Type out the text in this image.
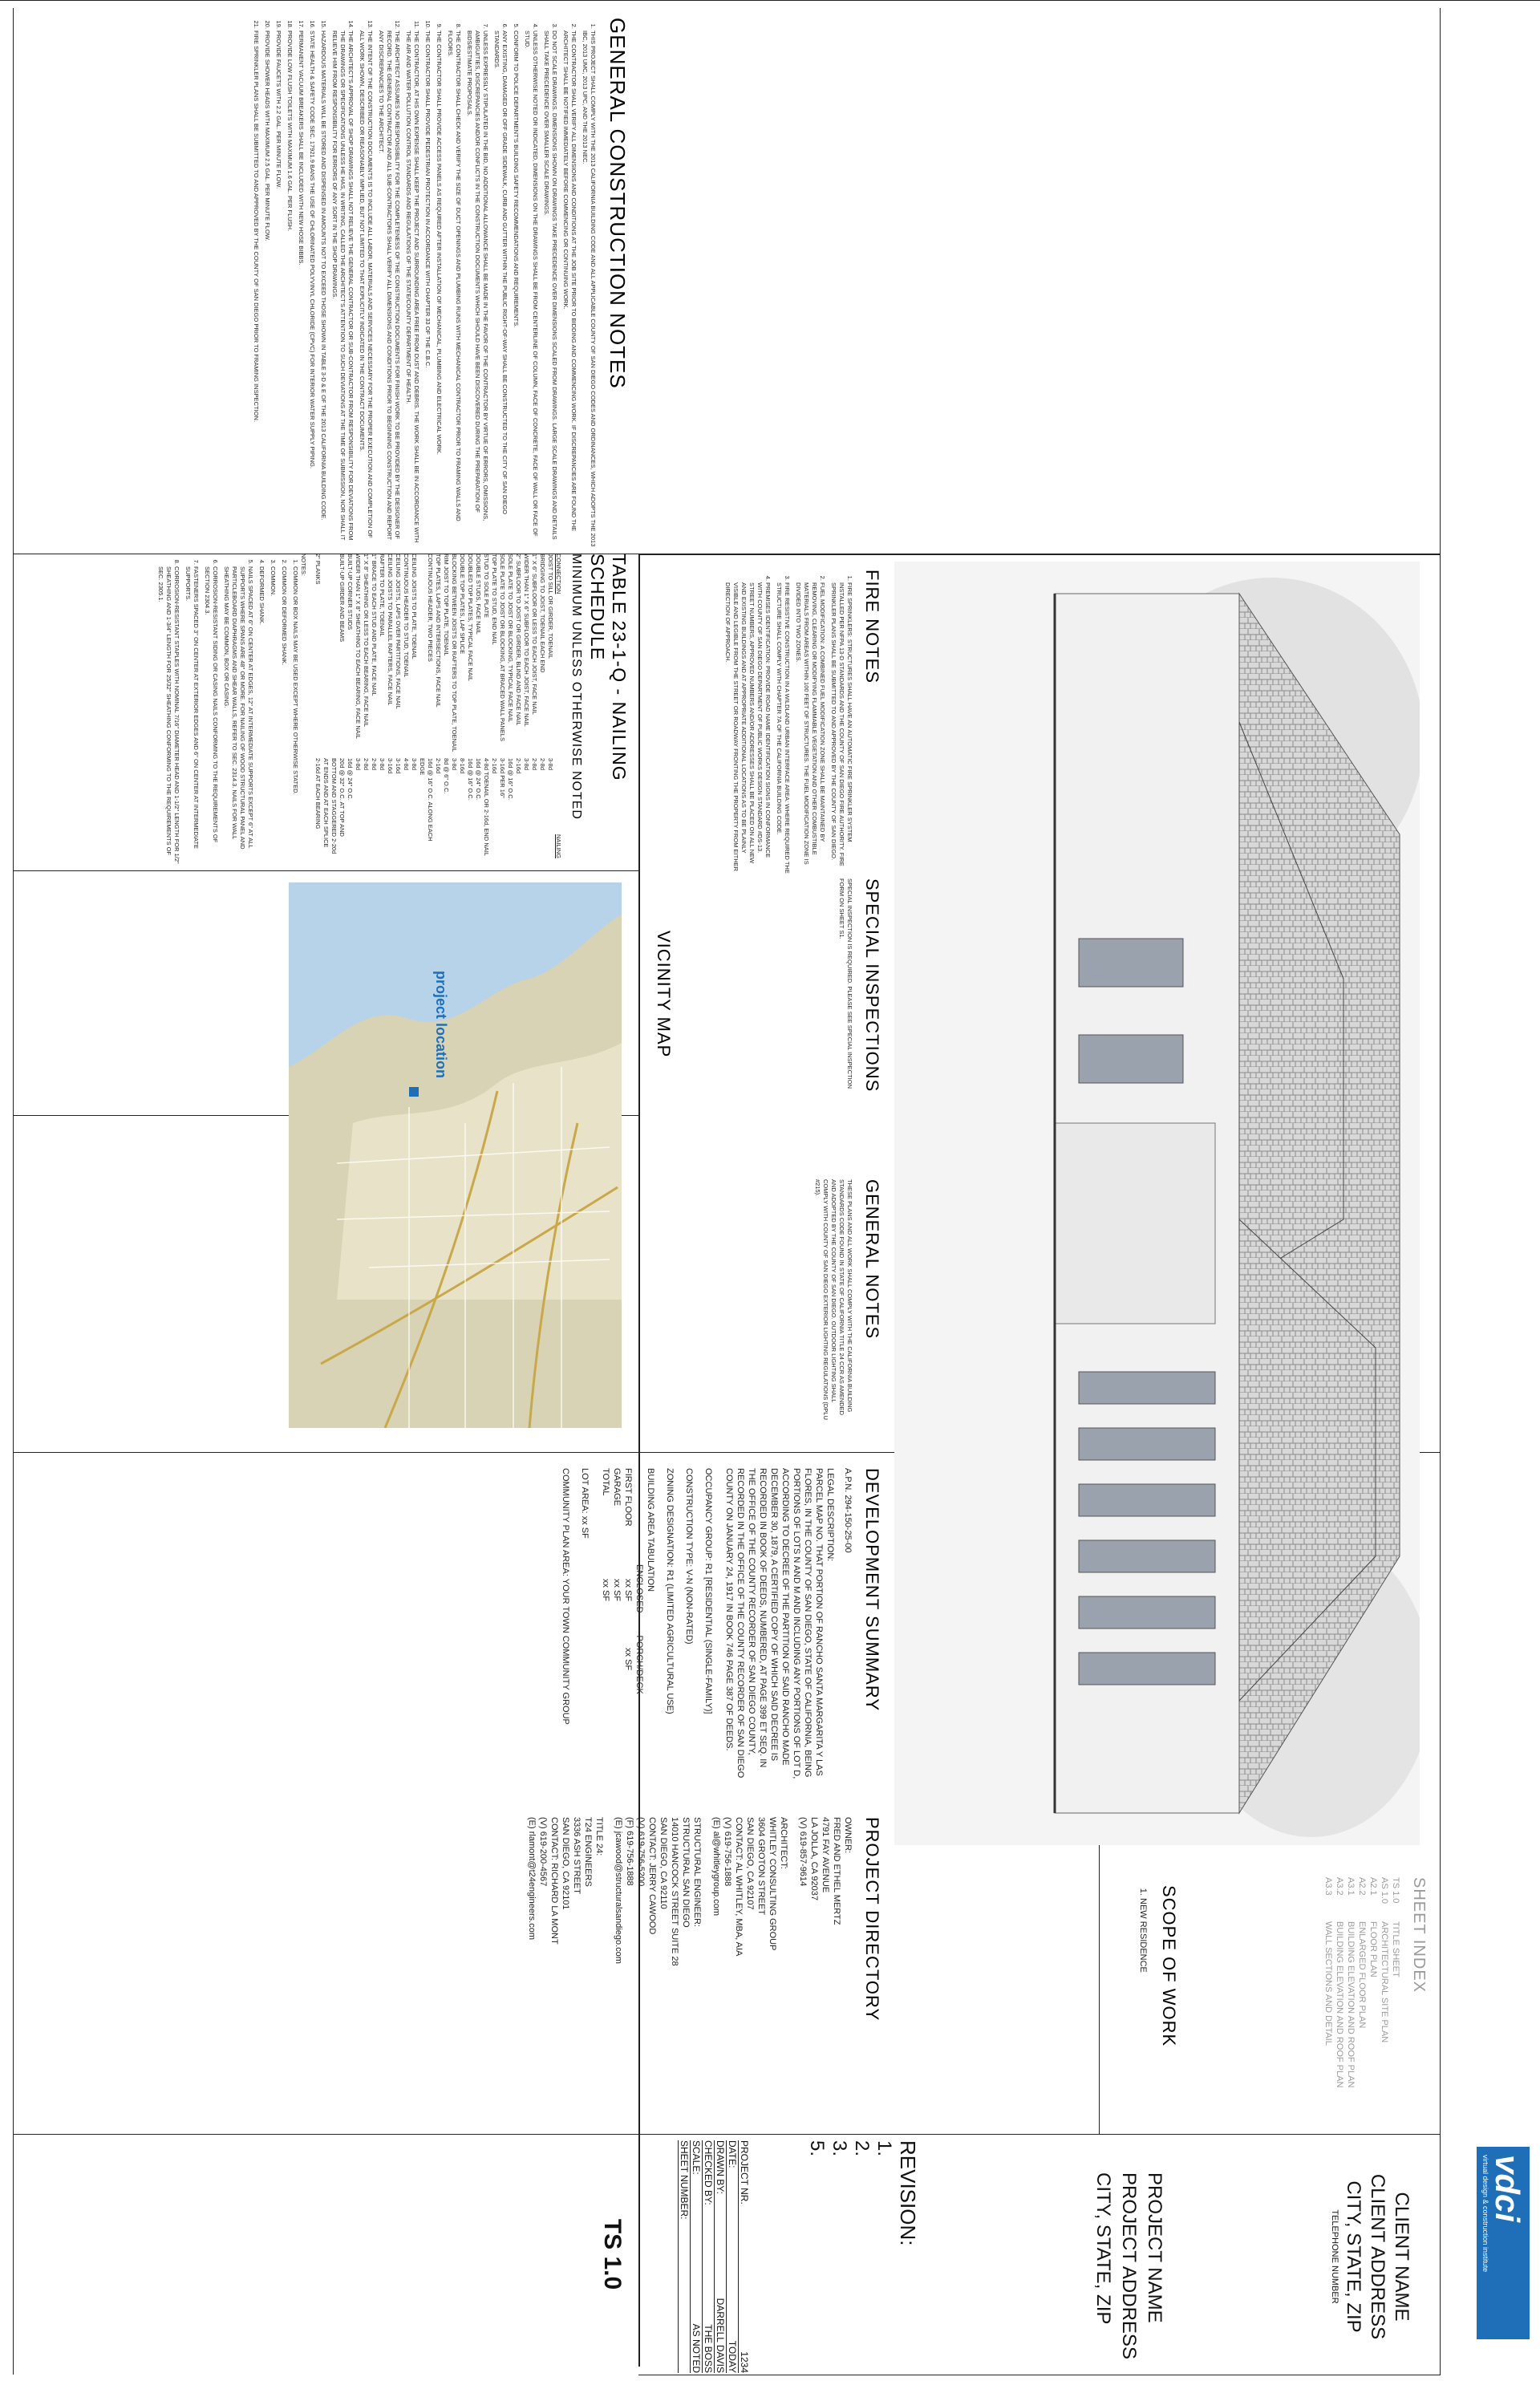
GENERAL CONSTRUCTION NOTES
1. THIS PROJECT SHALL COMPLY WITH THE 2013 CALIFORNIA BUILDING CODE AND ALL APPLICABLE COUNTY OF SAN DIEGO CODES AND ORDINANCES, WHICH ADOPTS THE 2013 IBC, 2013 UMC, 2013 UPC, AND THE 2013 NEC.
2. THE CONTRACTOR SHALL VERIFY ALL DIMENSIONS AND CONDITIONS AT THE JOB SITE PRIOR TO BIDDING AND COMMENCING WORK. IF DISCREPANCIES ARE FOUND THE ARCHITECT SHALL BE NOTIFIED IMMEDIATELY BEFORE COMMENCING OR CONTINUING WORK.
3. DO NOT SCALE DRAWINGS. DIMENSIONS SHOWN ON DRAWINGS TAKE PRECEDENCE OVER DIMENSIONS SCALED FROM DRAWINGS. LARGE SCALE DRAWINGS AND DETAILS SHALL TAKE PRECEDENCE OVER SMALLER SCALE DRAWINGS.
4. UNLESS OTHERWISE NOTED OR INDICATED, DIMENSIONS ON THE DRAWINGS SHALL BE FROM CENTERLINE OF COLUMN, FACE OF CONCRETE, FACE OF WALL OR FACE OF STUD.
5. CONFORM TO POLICE DEPARTMENT'S BUILDING SAFETY RECOMMENDATIONS AND REQUIREMENTS.
6. ANY EXISTING, DAMAGED OR OFF GRADE SIDEWALK, CURB AND GUTTER WITHIN THE PUBLIC RIGHT-OF-WAY SHALL BE CONSTRUCTED TO THE CITY OF SAN DIEGO STANDARDS.
7. UNLESS EXPRESSLY STIPULATED IN THE BID, NO ADDITIONAL ALLOWANCE SHALL BE MADE IN THE FAVOR OF THE CONTRACTOR BY VIRTUE OF ERRORS, OMISSIONS, AMBIGUITIES, DISCREPANCIES AND/OR CONFLICTS IN THE CONSTRUCTION DOCUMENTS WHICH SHOULD HAVE BEEN DISCOVERED DURING THE PREPARATION OF BIDS/ESTIMATE PROPOSALS.
8. THE CONTRACTOR SHALL CHECK AND VERIFY THE SIZE OF DUCT OPENINGS AND PLUMBING RUNS WITH MECHANICAL CONTRACTOR PRIOR TO FRAMING WALLS AND FLOORS.
9. THE CONTRACTOR SHALL PROVIDE ACCESS PANELS AS REQUIRED AFTER INSTALLATION OF MECHANICAL, PLUMBING AND ELECTRICAL WORK.
10. THE CONTRACTOR SHALL PROVIDE PEDESTRIAN PROTECTION IN ACCORDANCE WITH CHAPTER 33 OF THE C.B.C.
11. THE CONTRACTOR, AT HIS OWN EXPENSE SHALL KEEP THE PROJECT AND SURROUNDING AREA FREE FROM DUST AND DEBRIS. THE WORK SHALL BE IN ACCORDANCE WITH THE AIR AND WATER POLLUTION CONTROL STANDARDS AND REGULATIONS OF THE STATE/COUNTY DEPARTMENT OF HEALTH.
12. THE ARCHITECT ASSUMES NO RESPONSIBILITY FOR THE COMPLETENESS OF THE CONSTRUCTION DOCUMENTS FOR FINISH WORK TO BE PROVIDED BY THE DESIGNER OF RECORD. THE GENERAL CONTRACTOR AND ALL SUB-CONTRACTORS SHALL VERIFY ALL DIMENSIONS AND CONDITIONS PRIOR TO BEGINNING CONSTRUCTION AND REPORT ANY DISCREPANCIES TO THE ARCHITECT.
13. THE INTENT OF THE CONSTRUCTION DOCUMENTS IS TO INCLUDE ALL LABOR, MATERIALS AND SERVICES NECESSARY FOR THE PROPER EXECUTION AND COMPLETION OF ALL WORK SHOWN, DESCRIBED OR REASONABLY IMPLIED, BUT NOT LIMITED TO THAT EXPLICITLY INDICATED IN THE CONTRACT DOCUMENTS.
14. THE ARCHITECT'S APPROVAL OF SHOP DRAWINGS SHALL NOT RELIEVE THE GENERAL CONTRACTOR OR SUB-CONTRACTOR FROM RESPONSIBILITY FOR DEVIATIONS FROM THE DRAWINGS OR SPECIFICATIONS UNLESS HE HAS, IN WRITING, CALLED THE ARCHITECT'S ATTENTION TO SUCH DEVIATIONS AT THE TIME OF SUBMISSION, NOR SHALL IT RELIEVE HIM FROM RESPONSIBILITY FOR ERRORS OF ANY SORT IN THE SHOP DRAWINGS.
15. HAZARDOUS MATERIALS WILL BE STORED AND DISPENSED IN AMOUNTS NOT TO EXCEED THOSE SHOWN IN TABLE 3-D & E OF THE 2013 CALIFORNIA BUILDING CODE.
16. STATE HEALTH & SAFETY CODE SEC. 17921.9 BANS THE USE OF CHLORINATED POLYVINYL CHLORIDE (CPVC) FOR INTERIOR WATER SUPPLY PIPING.
17. PERMANENT VACUUM BREAKERS SHALL BE INCLUDED WITH NEW HOSE BIBBS.
18. PROVIDE LOW FLUSH TOILETS WITH MAXIMUM 1.6 GAL. PER FLUSH.
19. PROVIDE FAUCETS WITH 2.2 GAL. PER MINUTE FLOW.
20. PROVIDE SHOWER HEADS WITH MAXIMUM 2.5 GAL. PER MINUTE FLOW.
21. FIRE SPRINKLER PLANS SHALL BE SUBMITTED TO AND APPROVED BY THE COUNTY OF SAN DIEGO PRIOR TO FRAMING INSPECTION.
TABLE 23-1-Q - NAILING SCHEDULE
MINIMUM UNLESS OTHERWISE NOTED
CONNECTION
NAILING
JOIST TO SILL OR GIRDER, TOENAIL
3-8d
BRIDGING TO JOIST, TOENAIL EACH END
2-8d
1" X 6" SUBFLOOR OR LESS TO EACH JOIST, FACE NAIL
2-8d
WIDER THAN 1" X 6" SUBFLOOR TO EACH JOIST, FACE NAIL
3-8d
2" SUBFLOOR TO JOIST OR GIRDER, BLIND AND FACE NAIL
2-16d
SOLE PLATE TO JOIST OR BLOCKING, TYPICAL FACE NAIL
16d @ 16" O.C.
SOLE PLATE TO JOIST OR BLOCKING, AT BRACED WALL PANELS
3-16d PER 16"
TOP PLATE TO STUD, END NAIL
2-16d
STUD TO SOLE PLATE
4-8d TOENAIL OR 2-16d, END NAIL
DOUBLE STUDS, FACE NAIL
16d @ 24" O.C.
DOUBLED TOP PLATES, TYPICAL FACE NAIL
16d @ 16" O.C.
DOUBLE TOP PLATES, LAP SPLICE
8-16d
BLOCKING BETWEEN JOISTS OR RAFTERS TO TOP PLATE, TOENAIL
3-8d
RIM JOIST TO TOP PLATE, TOENAIL
8d @ 6" O.C.
TOP PLATES, LAPS AND INTERSECTIONS, FACE NAIL
2-16d
CONTINUOUS HEADER, TWO PIECES
16d @ 16" O.C. ALONG EACH EDGE
CEILING JOISTS TO PLATE, TOENAIL
3-8d
CONTINUOUS HEADER TO STUD, TOENAIL
4-8d
CEILING JOISTS, LAPS OVER PARTITIONS, FACE NAIL
3-16d
CEILING JOISTS TO PARALLEL RAFTERS, FACE NAIL
3-16d
RAFTER TO PLATE, TOENAIL
3-8d
1" BRACE TO EACH STUD AND PLATE, FACE NAIL
2-8d
1" X 8" SHEATHING OR LESS TO EACH BEARING, FACE NAIL
2-8d
WIDER THAN 1" X 8" SHEATHING TO EACH BEARING, FACE NAIL
3-8d
BUILT-UP CORNER STUDS
16d @ 24" O.C.
BUILT-UP GIRDER AND BEAMS
20d @ 32" O.C. AT TOP AND BOTTOM AND STAGGERED 2-20d AT ENDS AND AT EACH SPLICE
2" PLANKS
2-16d AT EACH BEARING
NOTES:
1. COMMON OR BOX NAILS MAY BE USED EXCEPT WHERE OTHERWISE STATED.
2. COMMON OR DEFORMED SHANK.
3. COMMON.
4. DEFORMED SHANK.
5. NAILS SPACED AT 6" ON CENTER AT EDGES, 12" AT INTERMEDIATE SUPPORTS EXCEPT 6" AT ALL SUPPORTS WHERE SPANS ARE 48" OR MORE. FOR NAILING OF WOOD STRUCTURAL PANEL AND PARTICLEBOARD DIAPHRAGMS AND SHEAR WALLS, REFER TO SEC. 2314.3. NAILS FOR WALL SHEATHING MAY BE COMMON, BOX OR CASING.
6. CORROSION-RESISTANT SIDING OR CASING NAILS CONFORMING TO THE REQUIREMENTS OF SECTION 2304.3.
7. FASTENERS SPACED 3" ON CENTER AT EXTERIOR EDGES AND 6" ON CENTER AT INTERMEDIATE SUPPORTS.
8. CORROSION-RESISTANT STAPLES WITH NOMINAL 7/16" DIAMETER HEAD AND 1-1/2" LENGTH FOR 1/2" SHEATHING AND 1-3/4" LENGTH FOR 25/32" SHEATHING CONFORMING TO THE REQUIREMENTS OF SEC. 2305.1.	FIRE NOTES
1. FIRE SPRINKLERS: STRUCTURES SHALL HAVE AN AUTOMATIC FIRE SPRINKLER SYSTEM INSTALLED PER NFPA 13-D STANDARDS AND THE COUNTY OF SAN DIEGO FIRE AUTHORITY. FIRE SPRINKLER PLANS SHALL BE SUBMITTED TO AND APPROVED BY THE COUNTY OF SAN DIEGO.
2. FUEL MODIFICATION: A COMBINED FUEL MODIFICATION ZONE SHALL BE MAINTAINED BY REMOVING, CLEARING OR MODIFYING FLAMMABLE VEGETATION AND OTHER COMBUSTIBLE MATERIALS FROM AREAS WITHIN 100 FEET OF STRUCTURES. THE FUEL MODIFICATION ZONE IS DIVIDED INTO TWO ZONES.
3. FIRE RESISTIVE CONSTRUCTION IN A WILDLAND URBAN INTERFACE AREA: WHERE REQUIRED THE STRUCTURE SHALL COMPLY WITH CHAPTER 7A OF THE CALIFORNIA BUILDING CODE.
4. PREMISES IDENTIFICATION: PROVIDE ROAD NAME IDENTIFICATION SIGNS IN CONFORMANCE WITH COUNTY OF SAN DIEGO DEPARTMENT OF PUBLIC WORKS DESIGN STANDARD #DS-13. STREET NUMBERS, APPROVED NUMBERS AND/OR ADDRESSES SHALL BE PLACED ON ALL NEW AND EXISTING BUILDINGS AND AT APPROPRIATE ADDITIONAL LOCATIONS AS TO BE PLAINLY VISIBLE AND LEGIBLE FROM THE STREET OR ROADWAY FRONTING THE PROPERTY FROM EITHER DIRECTION OF APPROACH.
SPECIAL INSPECTIONS
SPECIAL INSPECTION IS REQUIRED. PLEASE SEE SPECIAL INSPECTION FORM ON SHEET S1.
VICINITY MAP
project location
GENERAL NOTES
THESE PLANS AND ALL WORK SHALL COMPLY WITH THE CALIFORNIA BUILDING STANDARDS CODE FOUND IN STATE OF CALIFORNIA TITLE 24 CCR AS AMENDED AND ADOPTED BY THE COUNTY OF SAN DIEGO. OUTDOOR LIGHTING SHALL COMPLY WITH COUNTY OF SAN DIEGO EXTERIOR LIGHTING REGULATIONS (DPLU #215).
DEVELOPMENT SUMMARY
A.P.N. 294-150-25-00
LEGAL DESCRIPTION:
PARCEL MAP NO. THAT PORTION OF RANCHO SANTA MARGARITA Y LAS FLORES, IN THE COUNTY OF SAN DIEGO, STATE OF CALIFORNIA, BEING PORTIONS OF LOTS N AND M AND INCLUDING ANY PORTIONS OF LOT D, ACCORDING TO DECREE OF THE PARTITION OF SAID RANCHO MADE DECEMBER 30, 1879, A CERTIFIED COPY OF WHICH SAID DECREE IS RECORDED IN BOOK OF DEEDS, NUMBERED, AT PAGE 399 ET SEQ. IN THE OFFICE OF THE COUNTY RECORDER OF SAN DIEGO COUNTY, RECORDED IN THE OFFICE OF THE COUNTY RECORDER OF SAN DIEGO COUNTY ON JANUARY 24, 1917 IN BOOK 746 PAGE 387 OF DEEDS.
OCCUPANCY GROUP: R1 [RESIDENTIAL (SINGLE-FAMILY)]
CONSTRUCTION TYPE: V-N (NON-RATED)
ZONING DESIGNATION: R1 (LIMITED AGRICULTURAL USE)
BUILDING AREA TABULATION
ENCLOSED
PORCH/DECK
FIRST FLOOR
xx SF
xx SF
GARAGE
xx SF
TOTAL
xx SF
LOT AREA: xx SF
COMMUNITY PLAN AREA: YOUR TOWN COMMUNITY GROUP
PROJECT DIRECTORY
OWNER:
FRED AND ETHEL MERTZ
4791 FAY AVENUE
LA JOLLA, CA 92037
(V) 619-857-9614
ARCHITECT:
WHITLEY CONSULTING GROUP
3604 GROTON STREET
SAN DIEGO, CA 92107
CONTACT: AL WHITLEY, MBA, AIA
(V) 619-756-1888
(E) al@whitleygroup.com
STRUCTURAL ENGINEER:
STRUCTURAL SAN DIEGO
14010 HANCOCK STREET SUITE 28
SAN DIEGO, CA 92110
CONTACT: JERRY CAWOOD
(V) 619-756-5200
(F) 619-756-1888
(E) jcawood@structuralsandiego.com
TITLE 24:
T24 ENGINEERS
3336 ASH STREET
SAN DIEGO, CA 92101
CONTACT: RICHARD LA MONT
(V) 619-200-4567
(E) rlamont@t24engineers.com
SCOPE OF WORK
1. NEW RESIDENCE	SHEET INDEX
TS 1.0
TITLE SHEET
AS 1.0
ARCHITECTURAL SITE PLAN
A2.1
FLOOR PLAN
A2.2
ENLARGED FLOOR PLAN
A3.1
BUILDING ELEVATION AND ROOF PLAN
A3.2
BUILDING ELEVATION AND ROOF PLAN
A3.3
WALL SECTIONS AND DETAIL
vdci
virtual design & construction institute
CLIENT NAME
CLIENT ADDRESS
CITY, STATE, ZIP
TELEPHONE NUMBER
PROJECT NAME
PROJECT ADDRESS
CITY, STATE, ZIP
REVISION:
1.
2.
3.
5.
PROJECT NR.
1234
DATE:
TODAY
DRAWN BY:
DARRELL DAVIS
CHECKED BY:
THE BOSS
SCALE:
AS NOTED
SHEET NUMBER:
TS 1.0
